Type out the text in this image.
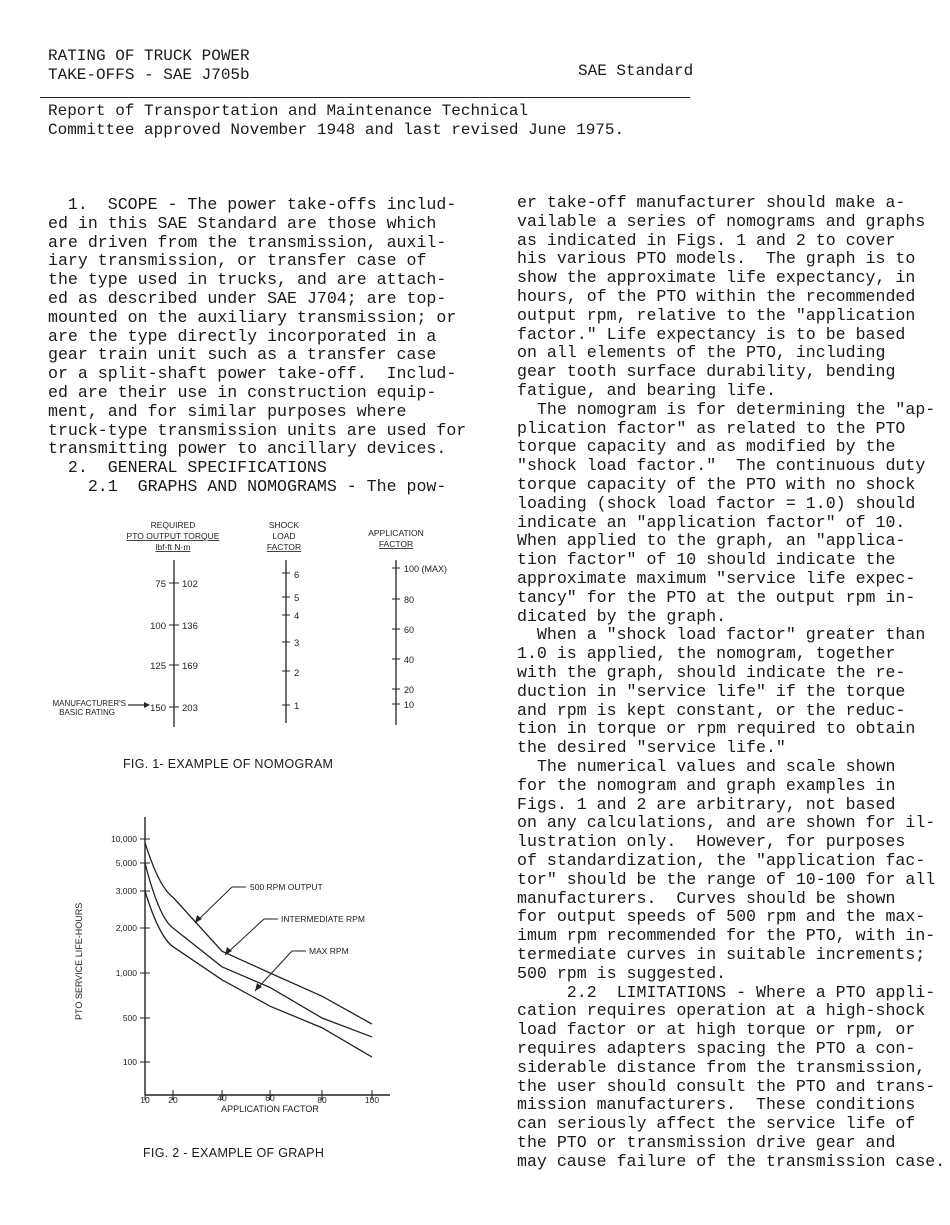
RATING OF TRUCK POWER
TAKE-OFFS - SAE J705b	SAE Standard
Report of Transportation and Maintenance Technical
Committee approved November 1948 and last revised June 1975.
1.  SCOPE - The power take-offs includ-
ed in this SAE Standard are those which
are driven from the transmission, auxil-
iary transmission, or transfer case of
the type used in trucks, and are attach-
ed as described under SAE J704; are top-
mounted on the auxiliary transmission; or
are the type directly incorporated in a
gear train unit such as a transfer case
or a split-shaft power take-off.  Includ-
ed are their use in construction equip-
ment, and for similar purposes where
truck-type transmission units are used for
transmitting power to ancillary devices.
2.  GENERAL SPECIFICATIONS
2.1  GRAPHS AND NOMOGRAMS - The pow-
er take-off manufacturer should make a-
vailable a series of nomograms and graphs
as indicated in Figs. 1 and 2 to cover
his various PTO models.  The graph is to
show the approximate life expectancy, in
hours, of the PTO within the recommended
output rpm, relative to the "application
factor." Life expectancy is to be based
on all elements of the PTO, including
gear tooth surface durability, bending
fatigue, and bearing life.
The nomogram is for determining the "ap-
plication factor" as related to the PTO
torque capacity and as modified by the
"shock load factor."  The continuous duty
torque capacity of the PTO with no shock
loading (shock load factor = 1.0) should
indicate an "application factor" of 10.
When applied to the graph, an "applica-
tion factor" of 10 should indicate the
approximate maximum "service life expec-
tancy" for the PTO at the output rpm in-
dicated by the graph.
When a "shock load factor" greater than
1.0 is applied, the nomogram, together
with the graph, should indicate the re-
duction in "service life" if the torque
and rpm is kept constant, or the reduc-
tion in torque or rpm required to obtain
the desired "service life."
The numerical values and scale shown
for the nomogram and graph examples in
Figs. 1 and 2 are arbitrary, not based
on any calculations, and are shown for il-
lustration only.  However, for purposes
of standardization, the "application fac-
tor" should be the range of 10-100 for all
manufacturers.  Curves should be shown
for output speeds of 500 rpm and the max-
imum rpm recommended for the PTO, with in-
termediate curves in suitable increments;
500 rpm is suggested.
2.2  LIMITATIONS - Where a PTO appli-
cation requires operation at a high-shock
load factor or at high torque or rpm, or
requires adapters spacing the PTO a con-
siderable distance from the transmission,
the user should consult the PTO and trans-
mission manufacturers.  These conditions
can seriously affect the service life of
the PTO or transmission drive gear and
may cause failure of the transmission case.
REQUIRED
PTO OUTPUT TORQUE
lbf-ft N·m
SHOCK
LOAD
FACTOR
APPLICATION
FACTOR
75
100
125
150
102
136
169
203
MANUFACTURER'S
BASIC RATING
6
5
4
3
2
1
100 (MAX)
80
60
40
20
10
FIG. 1- EXAMPLE OF NOMOGRAM
PTO SERVICE LIFE-HOURS
APPLICATION FACTOR
10,000
5,000
3,000
2,000
1,000
500
100
10 20	40	60	80	100
500 RPM OUTPUT
INTERMEDIATE RPM
MAX RPM
FIG. 2 - EXAMPLE OF GRAPH
